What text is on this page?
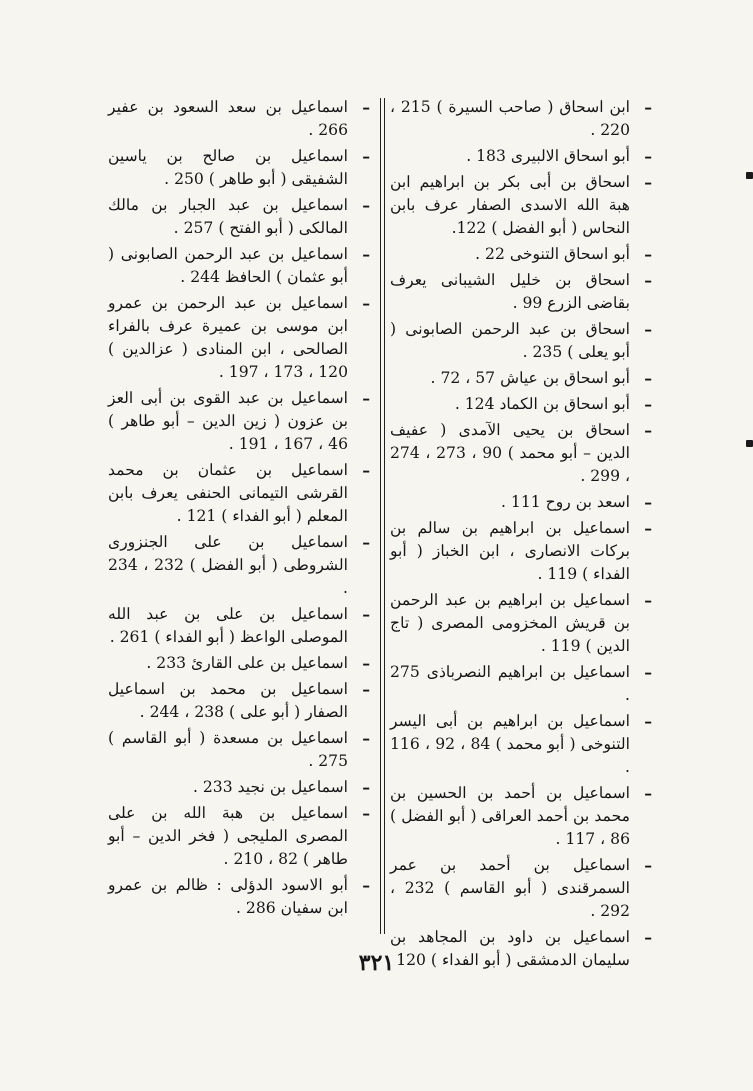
–
ابن اسحاق ( صاحب السيرة ) 215 ، 220 .
–
أبو اسحاق الالبيرى 183 .
–
اسحاق بن أبى بكر بن ابراهيم ابن هبة الله الاسدى الصفار عرف بابن النحاس ( أبو الفضل ) 122.
–
أبو اسحاق التنوخى 22 .
–
اسحاق بن خليل الشيبانى يعرف بقاضى الزرع 99 .
–
اسحاق بن عبد الرحمن الصابونى ( أبو يعلى ) 235 .
–
أبو اسحاق بن عياش 57 ، 72 .
–
أبو اسحاق بن الكماد 124 .
–
اسحاق بن يحيى الآمدى ( عفيف الدين – أبو محمد ) 90 ، 273 ، 274 ، 299 .
–
اسعد بن روح 111 .
–
اسماعيل بن ابراهيم بن سالم بن بركات الانصارى ، ابن الخباز ( أبو الفداء ) 119 .
–
اسماعيل بن ابراهيم بن عبد الرحمن بن قريش المخزومى المصرى ( تاج الدين ) 119 .
–
اسماعيل بن ابراهيم النصرباذى 275 .
–
اسماعيل بن ابراهيم بن أبى اليسر التنوخى ( أبو محمد ) 84 ، 92 ، 116 .
–
اسماعيل بن أحمد بن الحسين بن محمد بن أحمد العراقى ( أبو الفضل ) 86 ، 117 .
–
اسماعيل بن أحمد بن عمر السمرقندى ( أبو القاسم ) 232 ، 292 .
–
اسماعيل بن داود بن المجاهد بن سليمان الدمشقى ( أبو الفداء ) 120
–
اسماعيل بن سعد السعود بن عفير 266 .
–
اسماعيل بن صالح بن ياسين الشفيقى ( أبو طاهر ) 250 .
–
اسماعيل بن عبد الجبار بن مالك المالكى ( أبو الفتح ) 257 .
–
اسماعيل بن عبد الرحمن الصابونى ( أبو عثمان ) الحافظ 244 .
–
اسماعيل بن عبد الرحمن بن عمرو ابن موسى بن عميرة عرف بالفراء الصالحى ، ابن المنادى ( عزالدين ) 120 ، 173 ، 197 .
–
اسماعيل بن عبد القوى بن أبى العز بن عزون ( زين الدين – أبو طاهر ) 46 ، 167 ، 191 .
–
اسماعيل بن عثمان بن محمد القرشى التيمانى الحنفى يعرف بابن المعلم ( أبو الفداء ) 121 .
–
اسماعيل بن على الجنزورى الشروطى ( أبو الفضل ) 232 ، 234 .
–
اسماعيل بن على بن عبد الله الموصلى الواعظ ( أبو الفداء ) 261 .
–
اسماعيل بن على القارئ 233 .
–
اسماعيل بن محمد بن اسماعيل الصفار ( أبو على ) 238 ، 244 .
–
اسماعيل بن مسعدة ( أبو القاسم ) 275 .
–
اسماعيل بن نجيد 233 .
–
اسماعيل بن هبة الله بن على المصرى المليجى ( فخر الدين – أبو طاهر ) 82 ، 210 .
–
أبو الاسود الدؤلى : ظالم بن عمرو ابن سفيان 286 .
٣٢١
